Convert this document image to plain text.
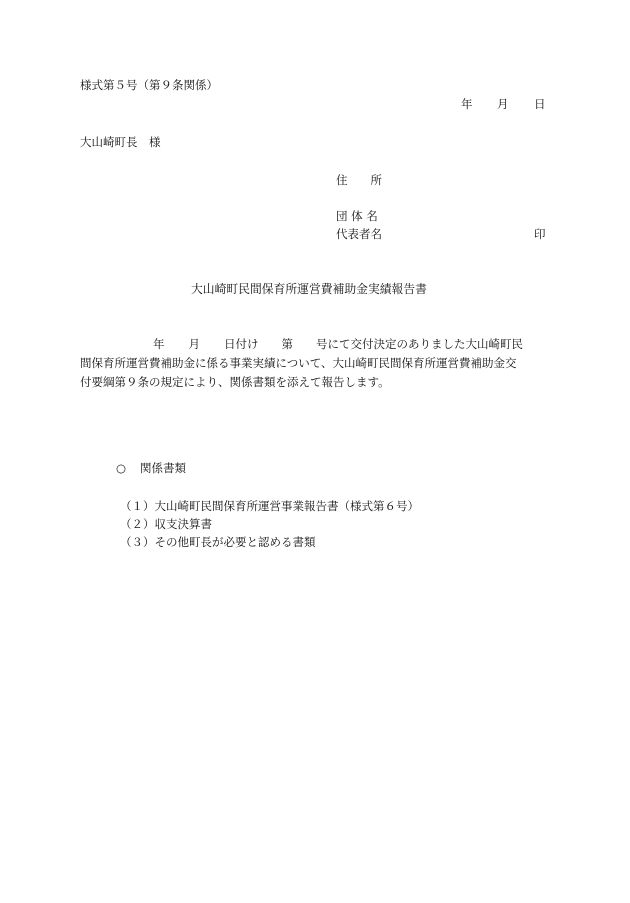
様式第５号（第９条関係）
年 月 日
大山崎町長　様
住　　所
団 体 名
代表者名	印
大山崎町民間保育所運営費補助金実績報告書

年 月 日付け 第 号にて交付決定のありました大山崎町民

間保育所運営費補助金に係る事業実績について、大山崎町民間保育所運営費補助金交

付要綱第９条の規定により、関係書類を添えて報告します。

○ 関係書類
（１）大山崎町民間保育所運営事業報告書（様式第６号）
（２）収支決算書
（３）その他町長が必要と認める書類
